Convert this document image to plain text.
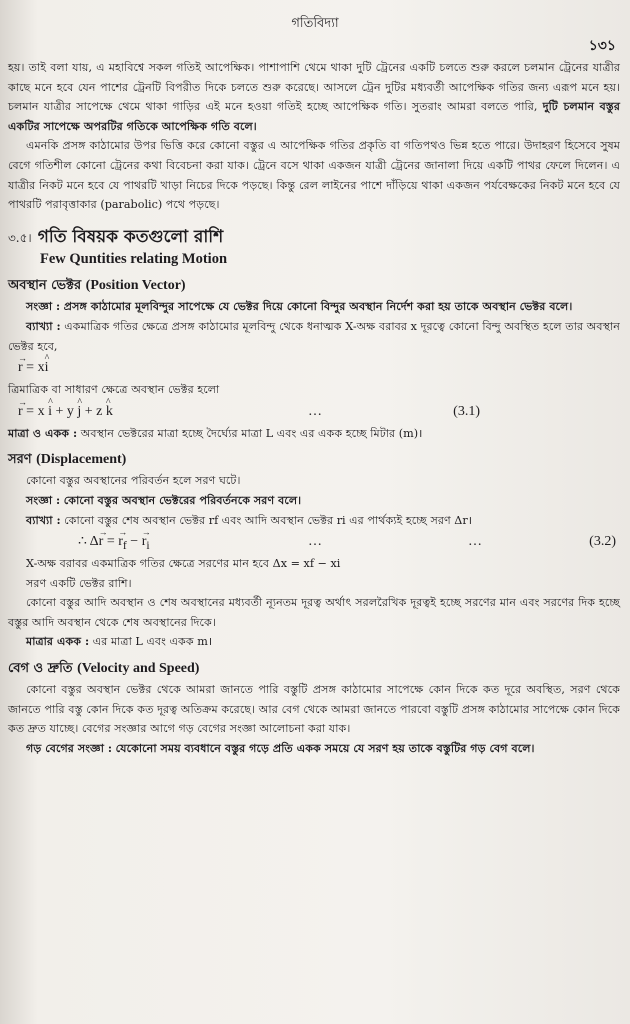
গতিবিদ্যা
১৩১

হয়। তাই বলা যায়, এ মহাবিশ্বে সকল গতিই আপেক্ষিক। পাশাপাশি থেমে থাকা দুটি ট্রেনের একটি চলতে শুরু করলে চলমান ট্রেনের যাত্রীর কাছে মনে হবে যেন পাশের ট্রেনটি বিপরীত দিকে চলতে শুরু করেছে। আসলে ট্রেন দুটির মধ্যবর্তী আপেক্ষিক গতির জন্য এরূপ মনে হয়। চলমান যাত্রীর সাপেক্ষে থেমে থাকা গাড়ির এই মনে হওয়া গতিই হচ্ছে আপেক্ষিক গতি। সুতরাং আমরা বলতে পারি, দুটি চলমান বস্তুর একটির সাপেক্ষে অপরটির গতিকে আপেক্ষিক গতি বলে।

এমনকি প্রসঙ্গ কাঠামোর উপর ভিত্তি করে কোনো বস্তুর এ আপেক্ষিক গতির প্রকৃতি বা গতিপথও ভিন্ন হতে পারে। উদাহরণ হিসেবে সুষম বেগে গতিশীল কোনো ট্রেনের কথা বিবেচনা করা যাক। ট্রেনে বসে থাকা একজন যাত্রী ট্রেনের জানালা দিয়ে একটি পাথর ফেলে দিলেন। এ যাত্রীর নিকট মনে হবে যে পাথরটি খাড়া নিচের দিকে পড়ছে। কিন্তু রেল লাইনের পাশে দাঁড়িয়ে থাকা একজন পর্যবেক্ষকের নিকট মনে হবে যে পাথরটি পরাবৃত্তাকার (parabolic) পথে পড়ছে।

৩.৫। গতি বিষয়ক কতগুলো রাশি
Few Quntities relating Motion
অবস্থান ভেক্টর (Position Vector)

সংজ্ঞা : প্রসঙ্গ কাঠামোর মূলবিন্দুর সাপেক্ষে যে ভেক্টর দিয়ে কোনো বিন্দুর অবস্থান নির্দেশ করা হয় তাকে অবস্থান ভেক্টর বলে।

ব্যাখ্যা : একমাত্রিক গতির ক্ষেত্রে প্রসঙ্গ কাঠামোর মূলবিন্দু থেকে ধনাত্মক X-অক্ষ বরাবর x দূরত্বে কোনো বিন্দু অবস্থিত হলে তার অবস্থান ভেক্টর হবে,

→ r = x^ i

ত্রিমাত্রিক বা সাধারণ ক্ষেত্রে অবস্থান ভেক্টর হলো

→ r = x ^ i + y ^ j + z ^ k	…	(3.1)

মাত্রা ও একক : অবস্থান ভেক্টরের মাত্রা হচ্ছে দৈর্ঘ্যের মাত্রা L এবং এর একক হচ্ছে মিটার (m)।

সরণ (Displacement)

কোনো বস্তুর অবস্থানের পরিবর্তন হলে সরণ ঘটে।

সংজ্ঞা : কোনো বস্তুর অবস্থান ভেক্টরের পরিবর্তনকে সরণ বলে।

ব্যাখ্যা : কোনো বস্তুর শেষ অবস্থান ভেক্টর rf এবং আদি অবস্থান ভেক্টর ri এর পার্থক্যই হচ্ছে সরণ Δr।

∴ Δ→ r = → $r_f$ − → $r_i$	…	…	(3.2)

X-অক্ষ বরাবর একমাত্রিক গতির ক্ষেত্রে সরণের মান হবে Δx = xf − xi

সরণ একটি ভেক্টর রাশি।

কোনো বস্তুর আদি অবস্থান ও শেষ অবস্থানের মধ্যবর্তী ন্যূনতম দূরত্ব অর্থাৎ সরলরৈখিক দূরত্বই হচ্ছে সরণের মান এবং সরণের দিক হচ্ছে বস্তুর আদি অবস্থান থেকে শেষ অবস্থানের দিকে।

মাত্রার একক : এর মাত্রা L এবং একক m।

বেগ ও দ্রুতি (Velocity and Speed)

কোনো বস্তুর অবস্থান ভেক্টর থেকে আমরা জানতে পারি বস্তুটি প্রসঙ্গ কাঠামোর সাপেক্ষে কোন দিকে কত দূরে অবস্থিত, সরণ থেকে জানতে পারি বস্তু কোন দিকে কত দূরত্ব অতিক্রম করেছে। আর বেগ থেকে আমরা জানতে পারবো বস্তুটি প্রসঙ্গ কাঠামোর সাপেক্ষে কোন দিকে কত দ্রুত যাচ্ছে। বেগের সংজ্ঞার আগে গড় বেগের সংজ্ঞা আলোচনা করা যাক।

গড় বেগের সংজ্ঞা : যেকোনো সময় ব্যবধানে বস্তুর গড়ে প্রতি একক সময়ে যে সরণ হয় তাকে বস্তুটির গড় বেগ বলে।
